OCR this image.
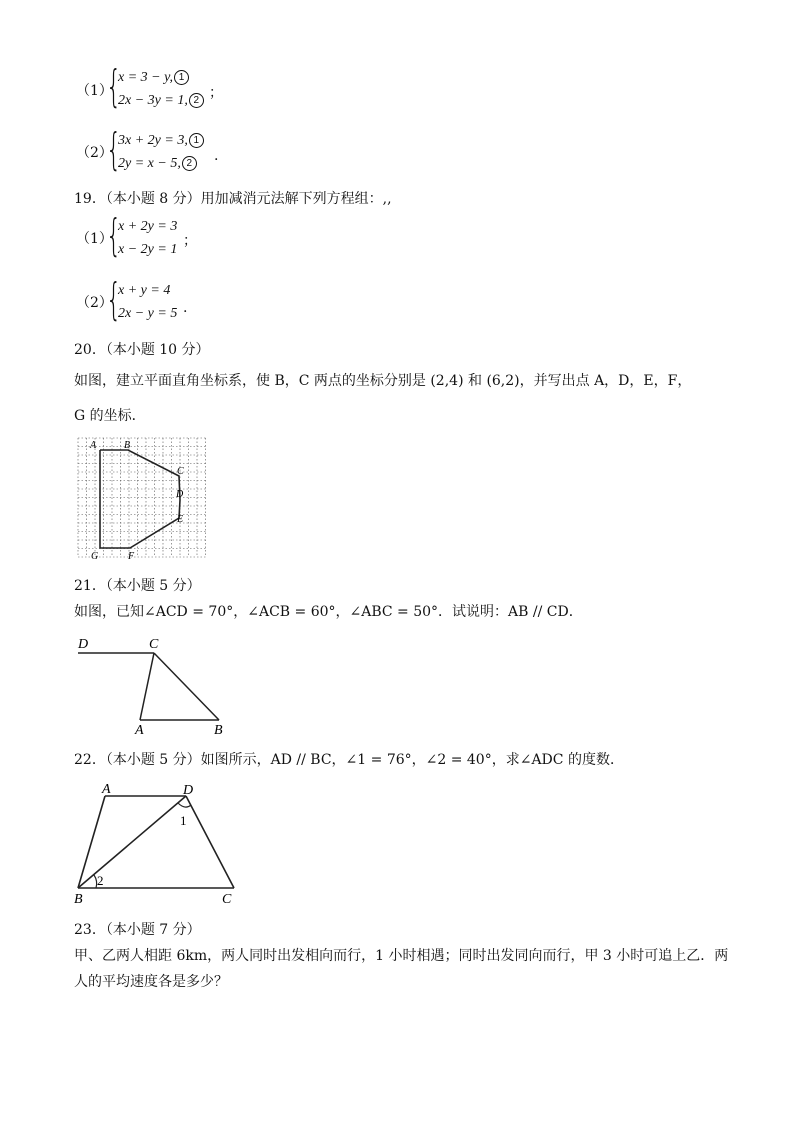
（1）
{
x = 3 − y, 1
2x − 3y = 1, 2 ；
（2）
{
3x + 2y = 3, 1
2y = x − 5, 2	.
19．（本小题 8 分）用加减消元法解下列方程组：,,
（1）
{
x + 2y = 3
x − 2y = 1
；
（2）
{
x + y = 4
2x − y = 5 .
20．（本小题 10 分）
如图，建立平面直角坐标系，使 B，C 两点的坐标分别是 (2,4) 和 (6,2)，并写出点 A，D，E，F，
G 的坐标．
A	B
C
D
E
F
G
21．（本小题 5 分）
如图，已知∠ACD = 70°，∠ACB = 60°，∠ABC = 50°．试说明：AB // CD．
D	C
A	B
22．（本小题 5 分）如图所示，AD // BC，∠1 = 76°，∠2 = 40°，求∠ADC 的度数．
A	D
1
2
B	C
23．（本小题 7 分）
甲、乙两人相距 6km，两人同时出发相向而行，1 小时相遇；同时出发同向而行，甲 3 小时可追上乙．两
人的平均速度各是多少？
